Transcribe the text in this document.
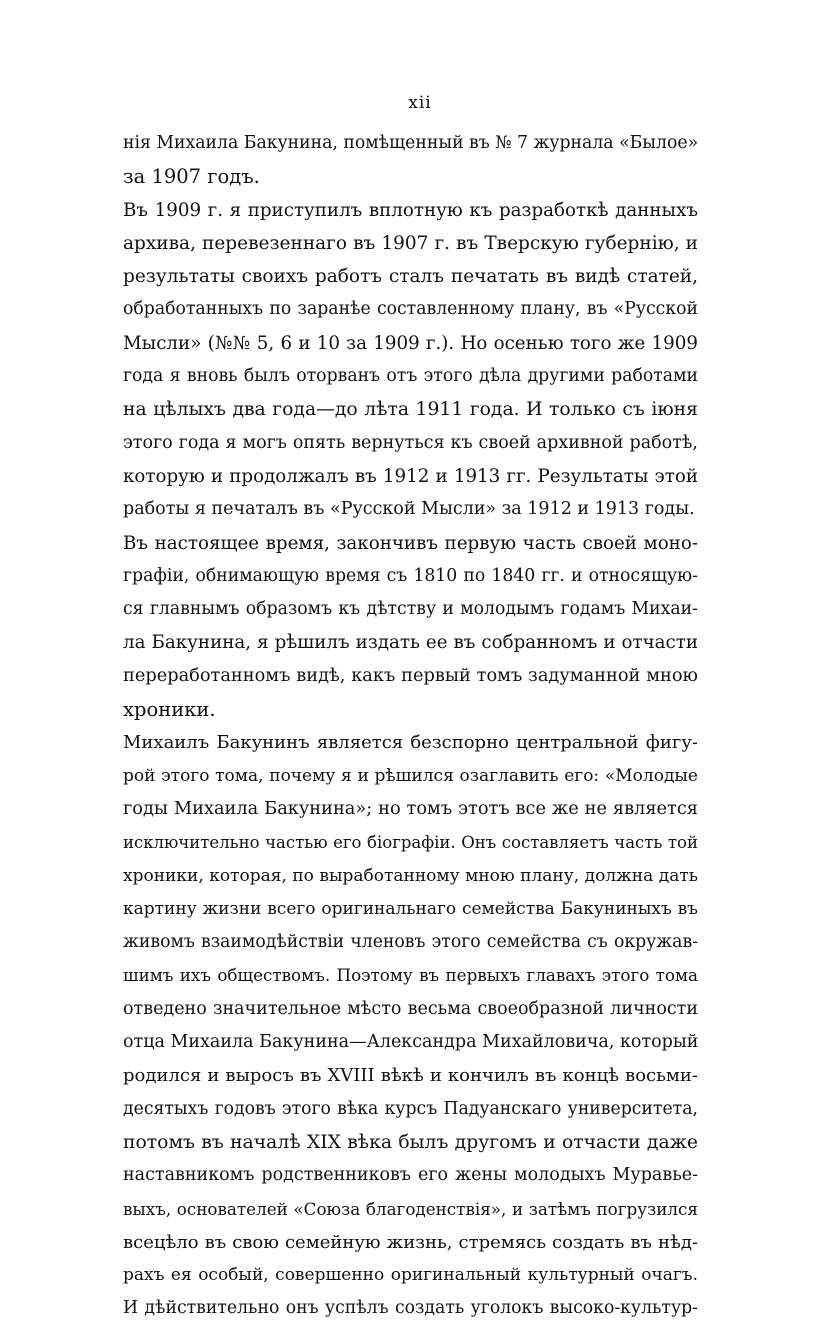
xii
нія Михаила Бакунина, помѣщенный въ № 7 журнала «Былое»
за 1907 годъ.
Въ 1909 г. я приступилъ вплотную къ разработкѣ данныхъ
архива, перевезеннаго въ 1907 г. въ Тверскую губернію, и
результаты своихъ работъ сталъ печатать въ видѣ статей,
обработанныхъ по заранѣе составленному плану, въ «Русской
Мысли» (№№ 5, 6 и 10 за 1909 г.). Но осенью того же 1909
года я вновь былъ оторванъ отъ этого дѣла другими работами
на цѣлыхъ два года—до лѣта 1911 года. И только съ іюня
этого года я могъ опять вернуться къ своей архивной работѣ,
которую и продолжалъ въ 1912 и 1913 гг. Результаты этой
работы я печаталъ въ «Русской Мысли» за 1912 и 1913 годы.
Въ настоящее время, закончивъ первую часть своей моно-
графіи, обнимающую время съ 1810 по 1840 гг. и относящую-
ся главнымъ образомъ къ дѣтству и молодымъ годамъ Михаи-
ла Бакунина, я рѣшилъ издать ее въ собранномъ и отчасти
переработанномъ видѣ, какъ первый томъ задуманной мною
хроники.
Михаилъ Бакунинъ является безспорно центральной фигу-
рой этого тома, почему я и рѣшился озаглавить его: «Молодые
годы Михаила Бакунина»; но томъ этотъ все же не является
исключительно частью его біографіи. Онъ составляетъ часть той
хроники, которая, по выработанному мною плану, должна дать
картину жизни всего оригинальнаго семейства Бакуниныхъ въ
живомъ взаимодѣйствіи членовъ этого семейства съ окружав-
шимъ ихъ обществомъ. Поэтому въ первыхъ главахъ этого тома
отведено значительное мѣсто весьма своеобразной личности
отца Михаила Бакунина—Александра Михайловича, который
родился и выросъ въ XVIII вѣкѣ и кончилъ въ концѣ восьми-
десятыхъ годовъ этого вѣка курсъ Падуанскаго университета,
потомъ въ началѣ XIX вѣка былъ другомъ и отчасти даже
наставникомъ родственниковъ его жены молодыхъ Муравье-
выхъ, основателей «Союза благоденствія», и затѣмъ погрузился
всецѣло въ свою семейную жизнь, стремясь создать въ нѣд-
рахъ ея особый, совершенно оригинальный культурный очагъ.
И дѣйствительно онъ успѣлъ создать уголокъ высоко-культур-
